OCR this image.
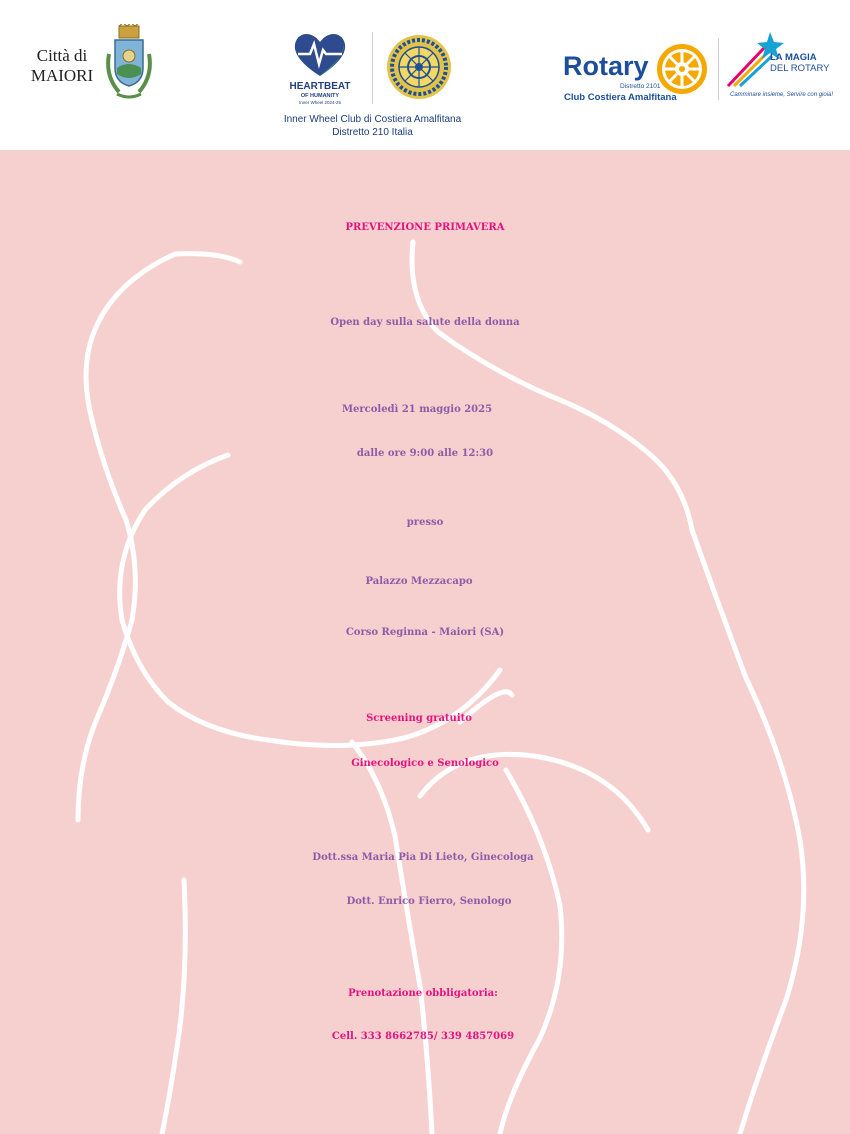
Città di
MAIORI
HEARTBEAT
OF HUMANITY
Inner Wheel 2024-25
Inner Wheel Club di Costiera Amalfitana
Distretto 210 Italia
Rotary
Distretto 2101
Club Costiera Amalfitana
LA MAGIA
DEL ROTARY
Camminare insieme, Servire con gioia!

PREVENZIONE PRIMAVERA

Open day sulla salute della donna

Mercoledì 21 maggio 2025

dalle ore 9:00 alle 12:30

presso

Palazzo Mezzacapo

Corso Reginna - Maiori (SA)

Screening gratuito

Ginecologico e Senologico

Dott.ssa Maria Pia Di Lieto, Ginecologa

Dott. Enrico Fierro, Senologo

Prenotazione obbligatoria:

Cell. 333 8662785/ 339 4857069
